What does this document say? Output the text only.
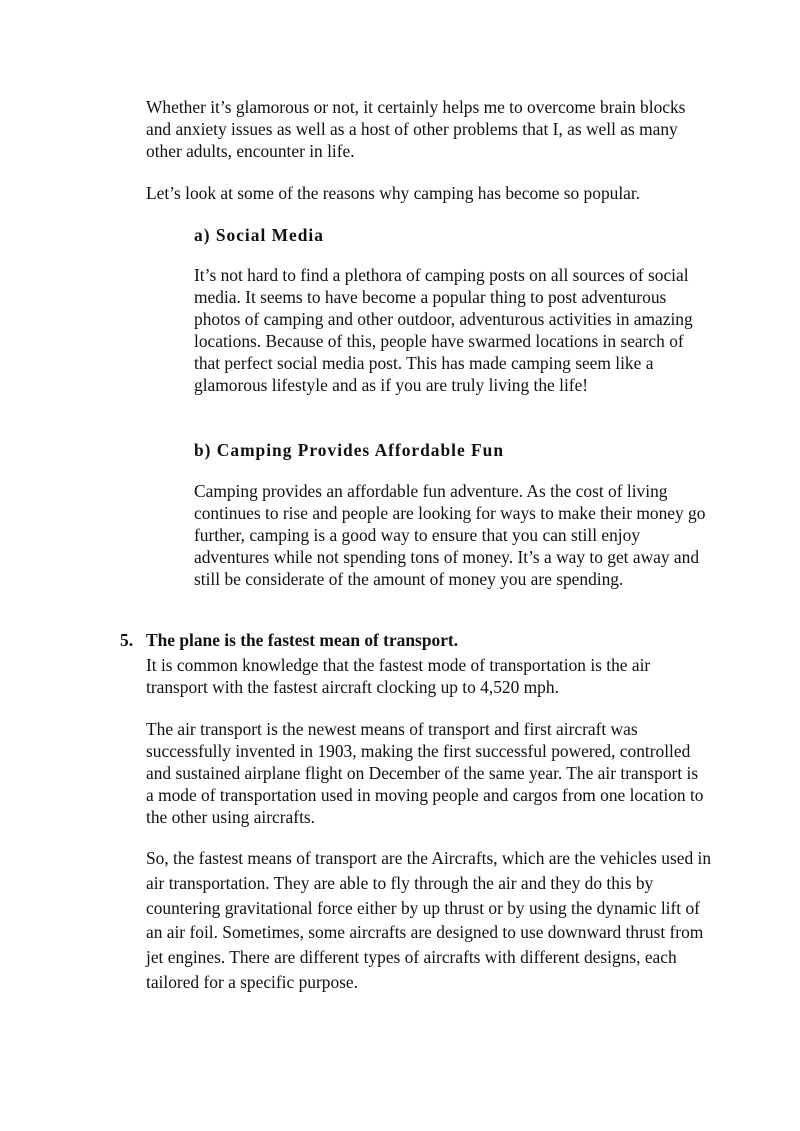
Whether it’s glamorous or not, it certainly helps me to overcome brain blocks and anxiety issues as well as a host of other problems that I, as well as many other adults, encounter in life.

Let’s look at some of the reasons why camping has become so popular.

a) Social Media

It’s not hard to find a plethora of camping posts on all sources of social media. It seems to have become a popular thing to post adventurous photos of camping and other outdoor, adventurous activities in amazing locations. Because of this, people have swarmed locations in search of that perfect social media post. This has made camping seem like a glamorous lifestyle and as if you are truly living the life!

b) Camping Provides Affordable Fun

Camping provides an affordable fun adventure. As the cost of living continues to rise and people are looking for ways to make their money go further, camping is a good way to ensure that you can still enjoy adventures while not spending tons of money. It’s a way to get away and still be considerate of the amount of money you are spending.

5. The plane is the fastest mean of transport.

It is common knowledge that the fastest mode of transportation is the air transport with the fastest aircraft clocking up to 4,520 mph.

The air transport is the newest means of transport and first aircraft was successfully invented in 1903, making the first successful powered, controlled and sustained airplane flight on December of the same year. The air transport is a mode of transportation used in moving people and cargos from one location to the other using aircrafts.

So, the fastest means of transport are the Aircrafts, which are the vehicles used in air transportation. They are able to fly through the air and they do this by countering gravitational force either by up thrust or by using the dynamic lift of an air foil. Sometimes, some aircrafts are designed to use downward thrust from jet engines. There are different types of aircrafts with different designs, each tailored for a specific purpose.
